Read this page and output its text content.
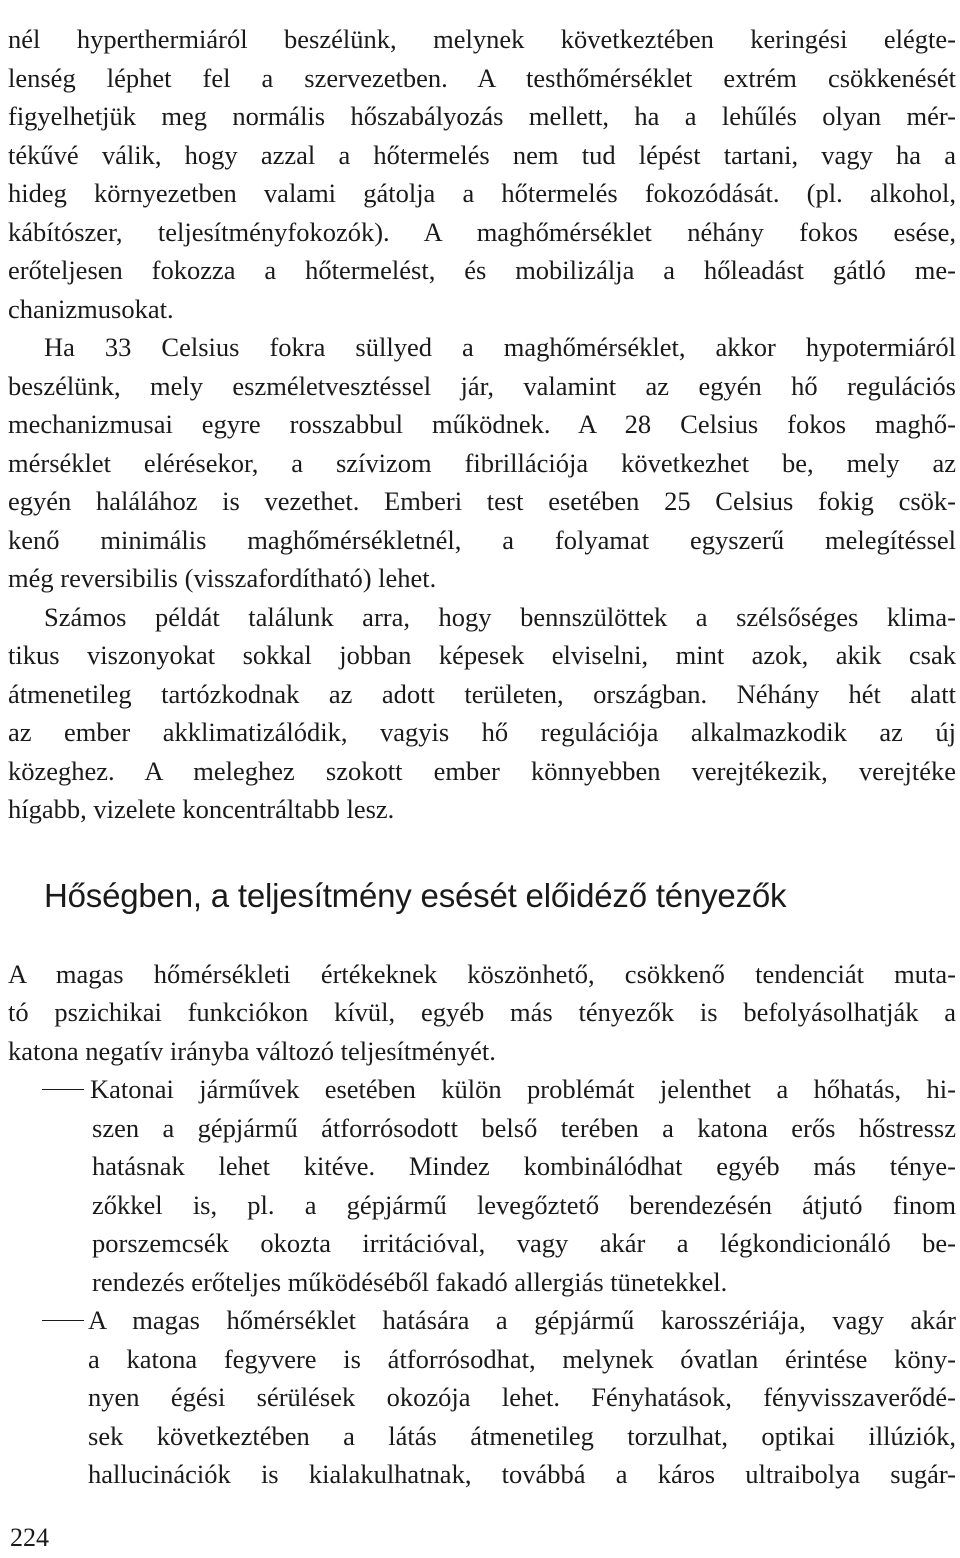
nél hyperthermiáról beszélünk, melynek következtében keringési elégte-
lenség léphet fel a szervezetben. A testhőmérséklet extrém csökkenését
figyelhetjük meg normális hőszabályozás mellett, ha a lehűlés olyan mér-
tékűvé válik, hogy azzal a hőtermelés nem tud lépést tartani, vagy ha a
hideg környezetben valami gátolja a hőtermelés fokozódását. (pl. alkohol,
kábítószer, teljesítményfokozók). A maghőmérséklet néhány fokos esése,
erőteljesen fokozza a hőtermelést, és mobilizálja a hőleadást gátló me-
chanizmusokat.

Ha 33 Celsius fokra süllyed a maghőmérséklet, akkor hypotermiáról
beszélünk, mely eszméletvesztéssel jár, valamint az egyén hő regulációs
mechanizmusai egyre rosszabbul működnek. A 28 Celsius fokos maghő-
mérséklet elérésekor, a szívizom fibrillációja következhet be, mely az
egyén halálához is vezethet. Emberi test esetében 25 Celsius fokig csök-
kenő minimális maghőmérsékletnél, a folyamat egyszerű melegítéssel
még reversibilis (visszafordítható) lehet.

Számos példát találunk arra, hogy bennszülöttek a szélsőséges klima-
tikus viszonyokat sokkal jobban képesek elviselni, mint azok, akik csak
átmenetileg tartózkodnak az adott területen, országban. Néhány hét alatt
az ember akklimatizálódik, vagyis hő regulációja alkalmazkodik az új
közeghez. A meleghez szokott ember könnyebben verejtékezik, verejtéke
hígabb, vizelete koncentráltabb lesz.

Hőségben, a teljesítmény esését előidéző tényezők

A magas hőmérsékleti értékeknek köszönhető, csökkenő tendenciát muta-
tó pszichikai funkciókon kívül, egyéb más tényezők is befolyásolhatják a
katona negatív irányba változó teljesítményét.

Katonai járművek esetében külön problémát jelenthet a hőhatás, hi-
szen a gépjármű átforrósodott belső terében a katona erős hőstressz
hatásnak lehet kitéve. Mindez kombinálódhat egyéb más ténye-
zőkkel is, pl. a gépjármű levegőztető berendezésén átjutó finom
porszemcsék okozta irritációval, vagy akár a légkondicionáló be-
rendezés erőteljes működéséből fakadó allergiás tünetekkel.
A magas hőmérséklet hatására a gépjármű karosszériája, vagy akár
a katona fegyvere is átforrósodhat, melynek óvatlan érintése köny-
nyen égési sérülések okozója lehet. Fényhatások, fényvisszaverődé-
sek következtében a látás átmenetileg torzulhat, optikai illúziók,
hallucinációk is kialakulhatnak, továbbá a káros ultraibolya sugár-
224
